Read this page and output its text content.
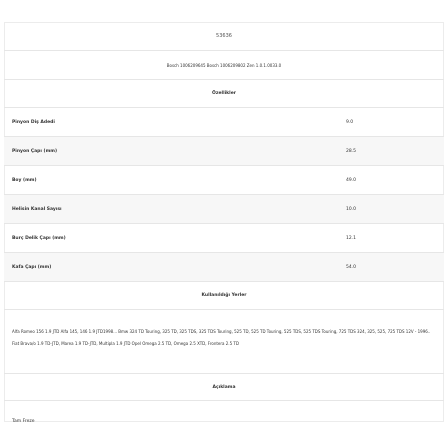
53636
Bosch 1006209645 Bosch 1006209802 Zen 1.0.1.0033.0
Özellikler
Pinyon Diş Adedi	9.0
Pinyon Çapı (mm)	28.5
Boy (mm)	49.0
Helisin Kanal Sayısı	10.0
Burç Delik Çapı (mm)	12.1
Kafa Çapı (mm)	54.0
Kullanıldığı Yerler
Alfa Romeo 156 1.9 JTD Alfa 145, 146 1.9 JTD1998... Bmw 324 TD Touring, 325 TD, 325 TDS, 325 TDS Touring, 525 TD, 525 TD Touring, 525 TDS, 525 TDS Touring, 725 TDS 324, 325, 525, 725 TDS 12V - 1996.. Fiat Brava/o 1.9 TD-JTD, Marea 1.9 TD-JTD, Multipla 1.9 JTD Opel Omega 2.5 TD, Omega 2.5 XTD, Frontera 2.5 TD
Açıklama
Tam Freze
